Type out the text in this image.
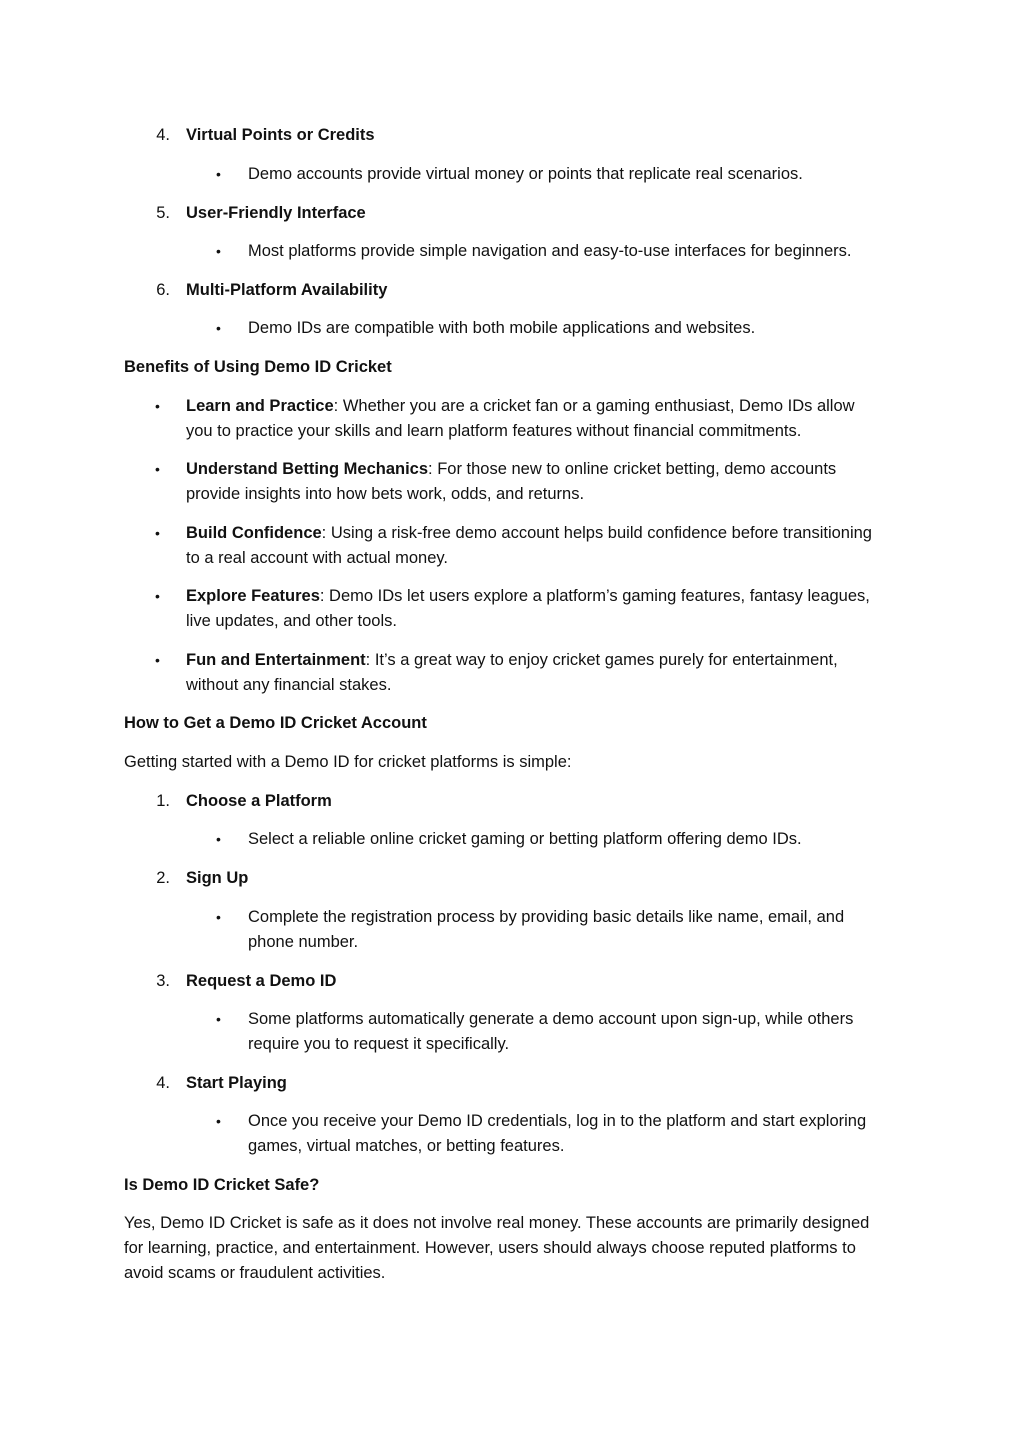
4. Virtual Points or Credits
• Demo accounts provide virtual money or points that replicate real scenarios.
5. User-Friendly Interface
• Most platforms provide simple navigation and easy-to-use interfaces for beginners.
6. Multi-Platform Availability
• Demo IDs are compatible with both mobile applications and websites.
Benefits of Using Demo ID Cricket
• Learn and Practice: Whether you are a cricket fan or a gaming enthusiast, Demo IDs allow
you to practice your skills and learn platform features without financial commitments.
• Understand Betting Mechanics: For those new to online cricket betting, demo accounts
provide insights into how bets work, odds, and returns.
• Build Confidence: Using a risk-free demo account helps build confidence before transitioning
to a real account with actual money.
• Explore Features: Demo IDs let users explore a platform’s gaming features, fantasy leagues,
live updates, and other tools.
• Fun and Entertainment: It’s a great way to enjoy cricket games purely for entertainment,
without any financial stakes.
How to Get a Demo ID Cricket Account
Getting started with a Demo ID for cricket platforms is simple:
1. Choose a Platform
• Select a reliable online cricket gaming or betting platform offering demo IDs.
2. Sign Up
• Complete the registration process by providing basic details like name, email, and
phone number.
3. Request a Demo ID
• Some platforms automatically generate a demo account upon sign-up, while others
require you to request it specifically.
4. Start Playing
• Once you receive your Demo ID credentials, log in to the platform and start exploring
games, virtual matches, or betting features.
Is Demo ID Cricket Safe?
Yes, Demo ID Cricket is safe as it does not involve real money. These accounts are primarily designed
for learning, practice, and entertainment. However, users should always choose reputed platforms to
avoid scams or fraudulent activities.
